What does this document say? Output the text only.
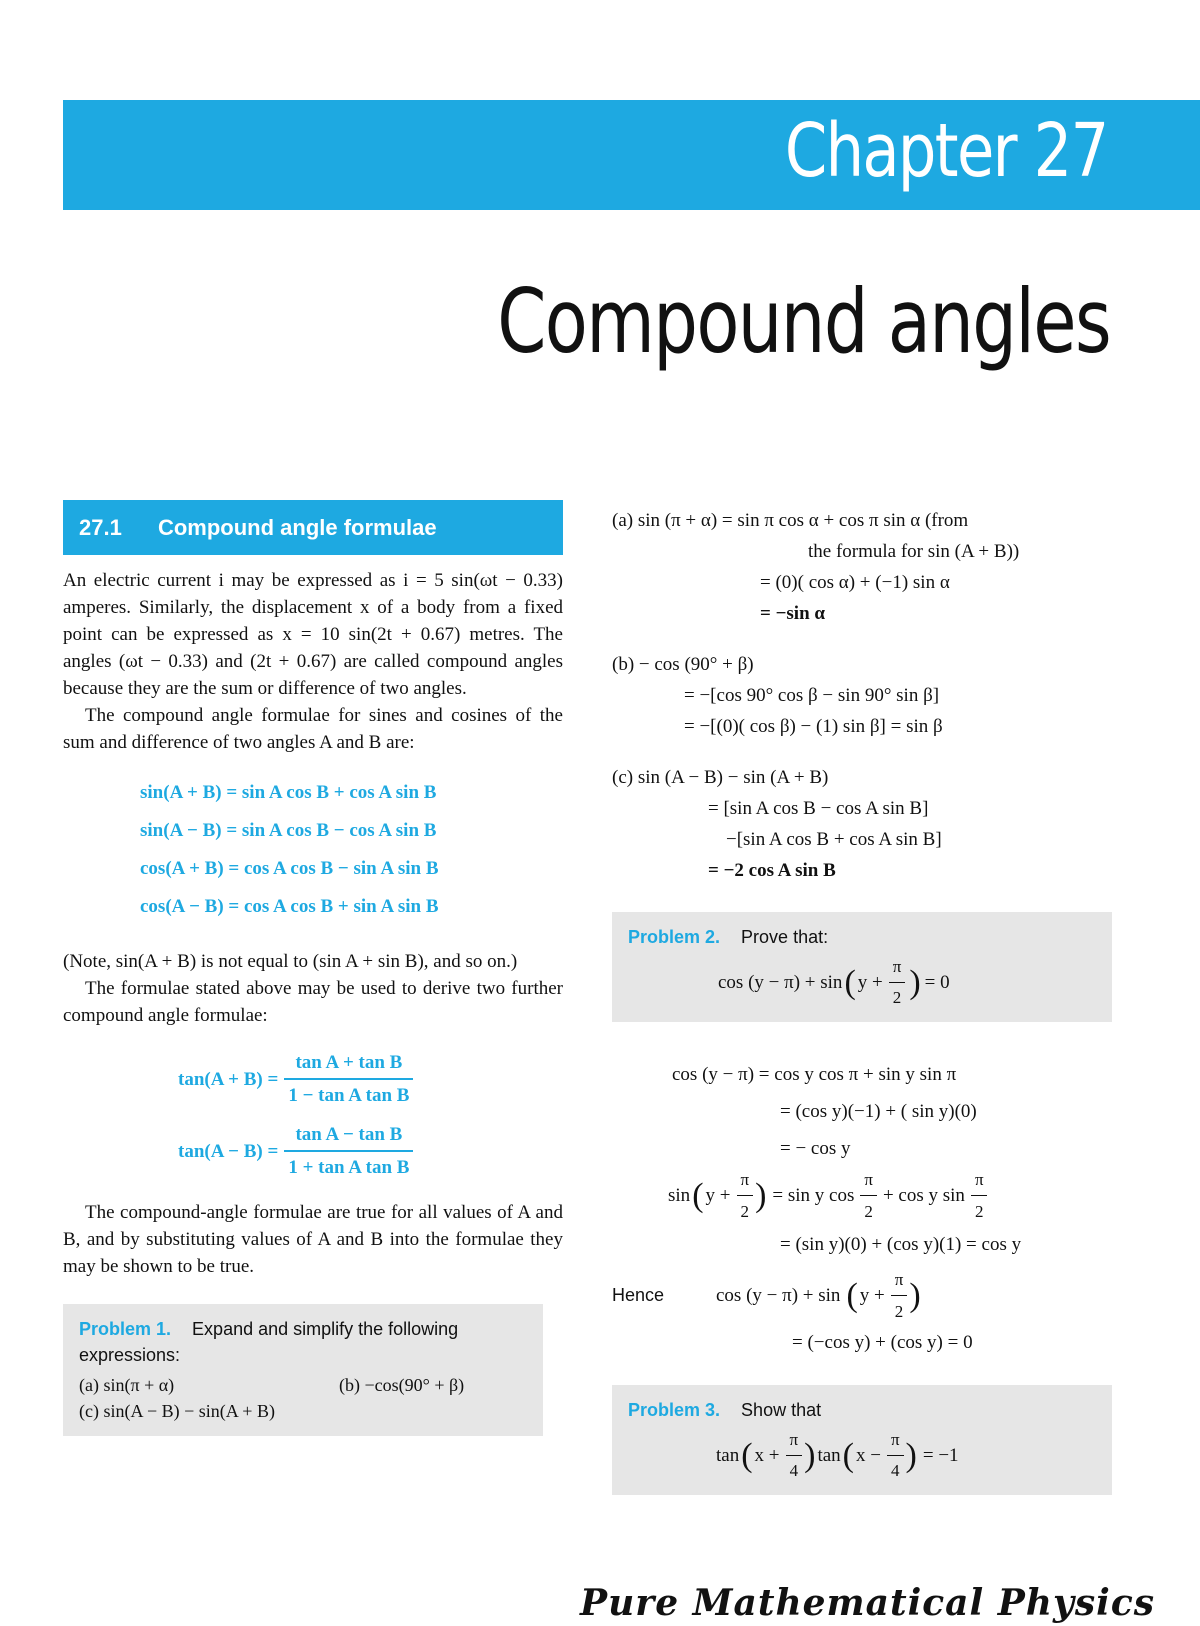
Chapter 27
Compound angles
27.1 Compound angle formulae

An electric current i may be expressed as i = 5 sin(ωt − 0.33) amperes. Similarly, the displacement x of a body from a fixed point can be expressed as x = 10 sin(2t + 0.67) metres. The angles (ωt − 0.33) and (2t + 0.67) are called compound angles because they are the sum or difference of two angles.

The compound angle formulae for sines and cosines of the sum and difference of two angles A and B are:

sin(A + B) = sin A cos B + cos A sin B
sin(A − B) = sin A cos B − cos A sin B
cos(A + B) = cos A cos B − sin A sin B
cos(A − B) = cos A cos B + sin A sin B

(Note, sin(A + B) is not equal to (sin A + sin B), and so on.)

The formulae stated above may be used to derive two further compound angle formulae:

$\tan(A + B) = \frac{\text{tan A + tan B}}{\text{1 − tan A tan B}}$
$\tan(A - B) = \frac{\text{tan A − tan B}}{\text{1 + tan A tan B}}$

The compound-angle formulae are true for all values of A and B, and by substituting values of A and B into the formulae they may be shown to be true.

Problem 1. Expand and simplify the following expressions:
(a) sin(π + α)	(b) −cos(90° + β)
(c) sin(A − B) − sin(A + B)
(a) sin (π + α) = sin π cos α + cos π sin α (from
the formula for sin (A + B))
= (0)( cos α) + (−1) sin α
= −sin α
(b) − cos (90° + β)
= −[cos 90° cos β − sin 90° sin β]
= −[(0)( cos β) − (1) sin β] = sin β
(c) sin (A − B) − sin (A + B)
= [sin A cos B − cos A sin B]
−[sin A cos B + cos A sin B]
= −2 cos A sin B
Problem 2. Prove that:
cos (y − π) + sin ( $y + \frac{\pi}{2}$ ) = 0
cos (y − π) = cos y cos π + sin y sin π
= (cos y)(−1) + ( sin y)(0)
= − cos y
sin ( $y + \frac{\pi}{2}$ ) = sin y $\cos \frac{\pi}{2} + \cos y$ $\sin \frac{\pi}{2}$
= (sin y)(0) + (cos y)(1) = cos y
Hence	cos (y − π) + sin ( $y + \frac{\pi}{2}$ )
= (−cos y) + (cos y) = 0
Problem 3. Show that
tan ( $x + \frac{\pi}{4}$ ) tan ( $x - \frac{\pi}{4}$ ) = −1
Pure Mathematical Physics
